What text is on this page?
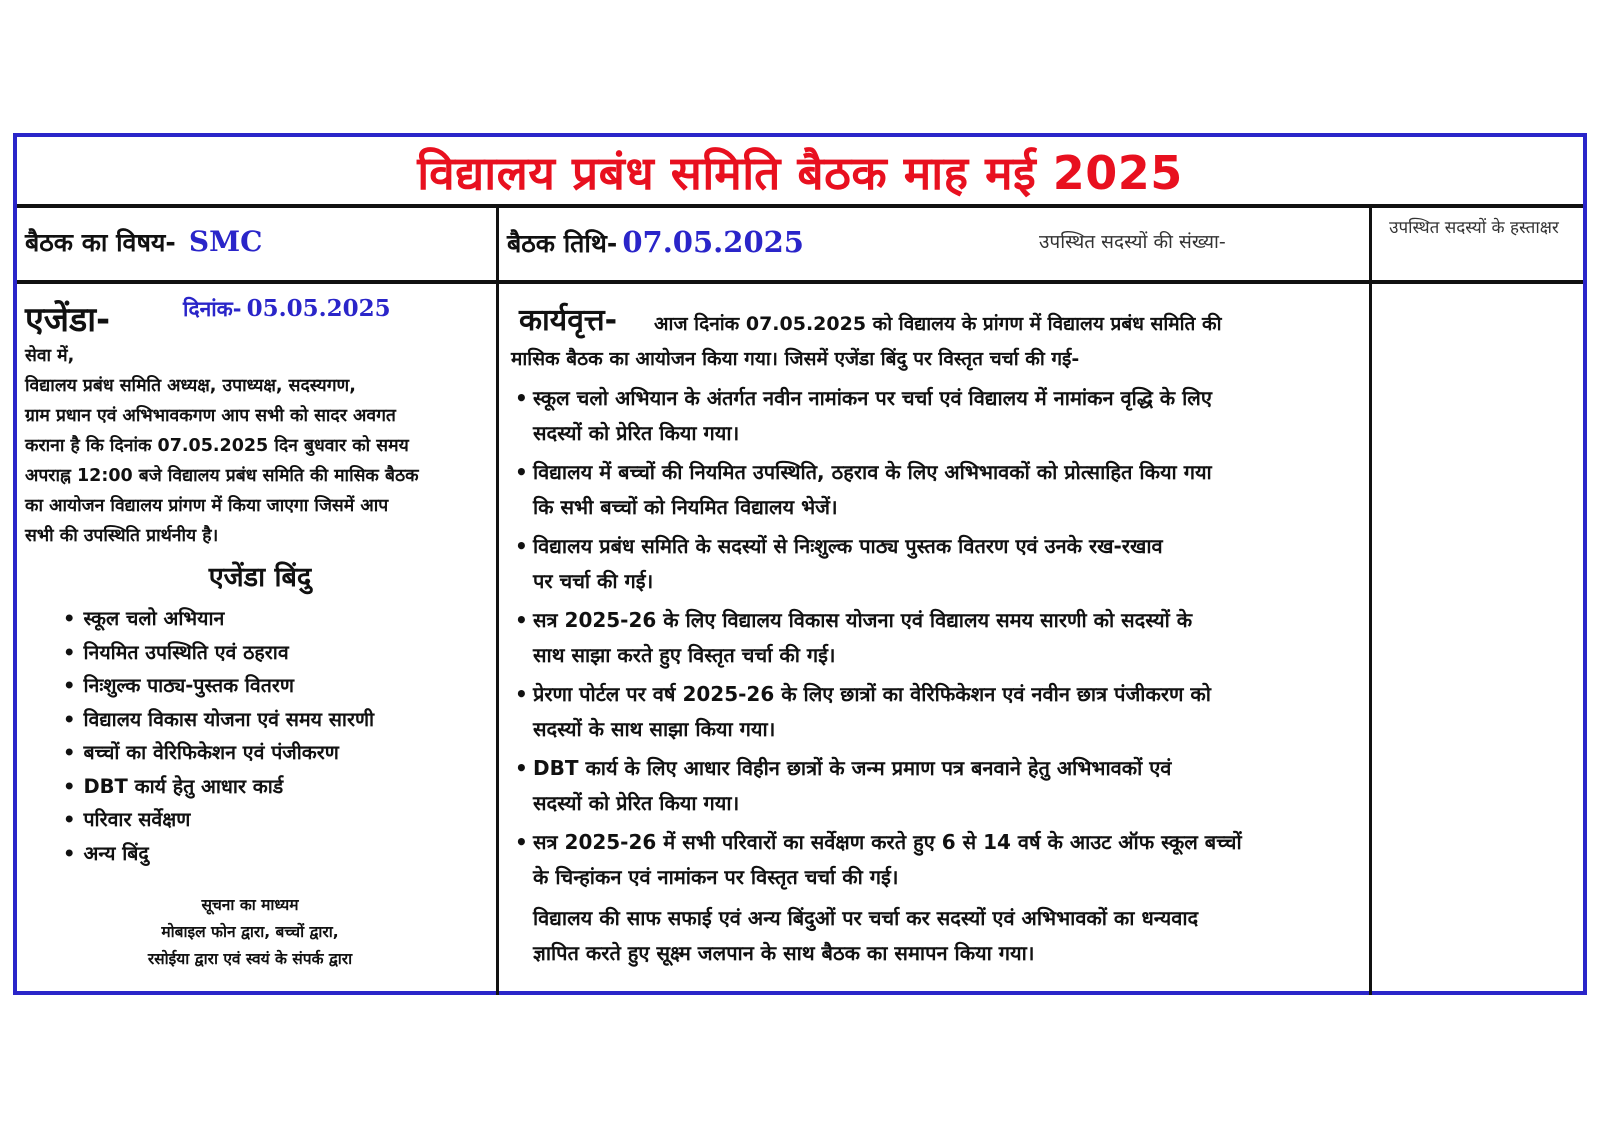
विद्यालय प्रबंध समिति बैठक माह मई 2025
बैठक का विषय- SMC	बैठक तिथि- 07.05.2025	उपस्थित सदस्यों की संख्या-
उपस्थित सदस्यों के हस्ताक्षर
एजेंडा-	दिनांक- 05.05.2025
सेवा में,
विद्यालय प्रबंध समिति अध्यक्ष, उपाध्यक्ष, सदस्यगण,
ग्राम प्रधान एवं अभिभावकगण आप सभी को सादर अवगत
कराना है कि दिनांक 07.05.2025 दिन बुधवार को समय
अपराह्न 12:00 बजे विद्यालय प्रबंध समिति की मासिक बैठक
का आयोजन विद्यालय प्रांगण में किया जाएगा जिसमें आप
सभी की उपस्थिति प्रार्थनीय है।
एजेंडा बिंदु
• स्कूल चलो अभियान
• नियमित उपस्थिति एवं ठहराव
• निःशुल्क पाठ्य-पुस्तक वितरण
• विद्यालय विकास योजना एवं समय सारणी
• बच्चों का वेरिफिकेशन एवं पंजीकरण
• DBT कार्य हेतु आधार कार्ड
• परिवार सर्वेक्षण
• अन्य बिंदु
सूचना का माध्यम
मोबाइल फोन द्वारा, बच्चों द्वारा,
रसोईया द्वारा एवं स्वयं के संपर्क द्वारा

कार्यवृत्त- आज दिनांक 07.05.2025 को विद्यालय के प्रांगण में विद्यालय प्रबंध समिति की

मासिक बैठक का आयोजन किया गया। जिसमें एजेंडा बिंदु पर विस्तृत चर्चा की गई-

• स्कूल चलो अभियान के अंतर्गत नवीन नामांकन पर चर्चा एवं विद्यालय में नामांकन वृद्धि के लिए
सदस्यों को प्रेरित किया गया।
• विद्यालय में बच्चों की नियमित उपस्थिति, ठहराव के लिए अभिभावकों को प्रोत्साहित किया गया
कि सभी बच्चों को नियमित विद्यालय भेजें।
• विद्यालय प्रबंध समिति के सदस्यों से निःशुल्क पाठ्य पुस्तक वितरण एवं उनके रख-रखाव
पर चर्चा की गई।
• सत्र 2025-26 के लिए विद्यालय विकास योजना एवं विद्यालय समय सारणी को सदस्यों के
साथ साझा करते हुए विस्तृत चर्चा की गई।
• प्रेरणा पोर्टल पर वर्ष 2025-26 के लिए छात्रों का वेरिफिकेशन एवं नवीन छात्र पंजीकरण को
सदस्यों के साथ साझा किया गया।
• DBT कार्य के लिए आधार विहीन छात्रों के जन्म प्रमाण पत्र बनवाने हेतु अभिभावकों एवं
सदस्यों को प्रेरित किया गया।
• सत्र 2025-26 में सभी परिवारों का सर्वेक्षण करते हुए 6 से 14 वर्ष के आउट ऑफ स्कूल बच्चों
के चिन्हांकन एवं नामांकन पर विस्तृत चर्चा की गई।

विद्यालय की साफ सफाई एवं अन्य बिंदुओं पर चर्चा कर सदस्यों एवं अभिभावकों का धन्यवाद

ज्ञापित करते हुए सूक्ष्म जलपान के साथ बैठक का समापन किया गया।
